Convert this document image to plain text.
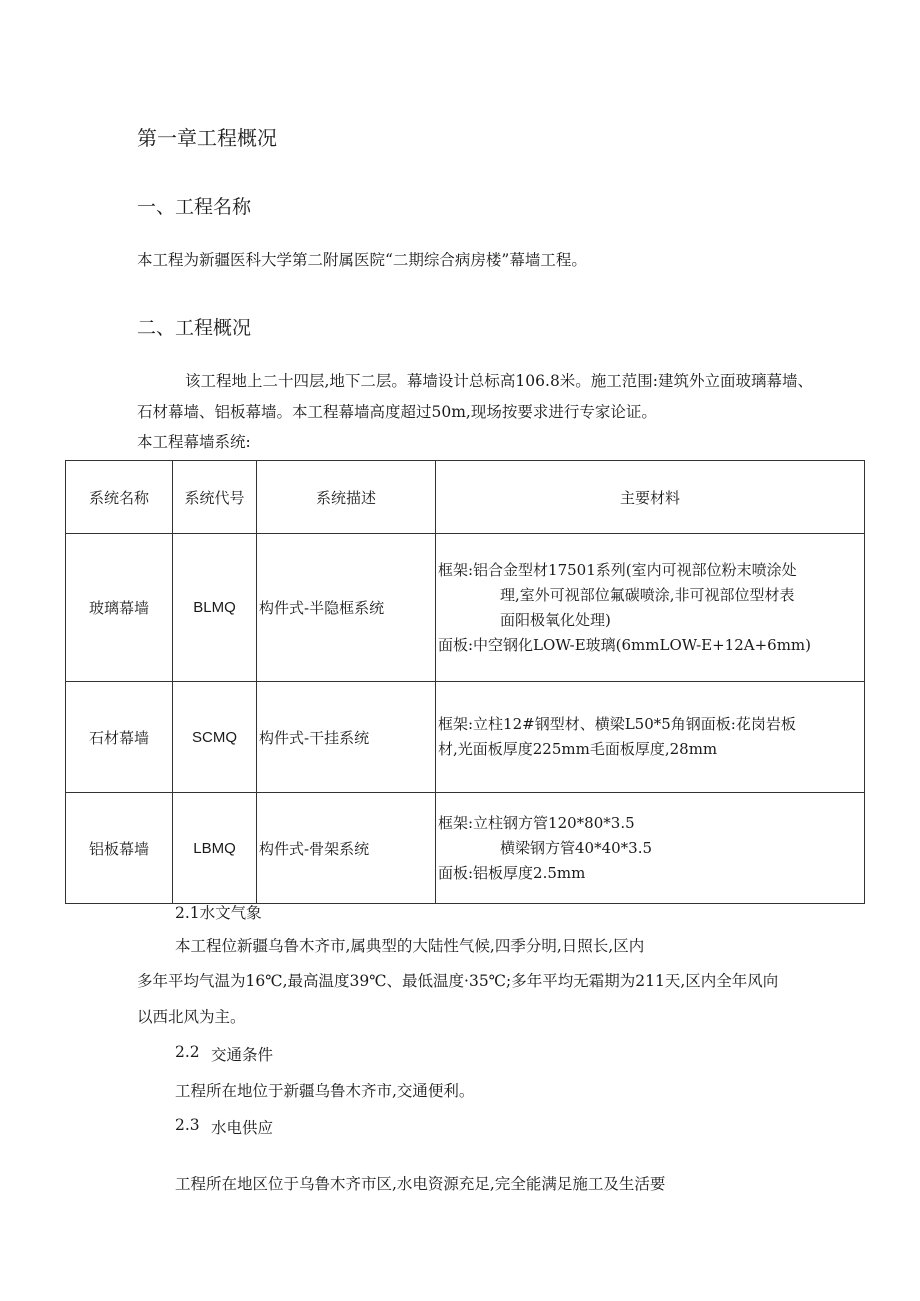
第一章工程概况
一、工程名称
本工程为新疆医科大学第二附属医院“二期综合病房楼”幕墙工程。
二、工程概况
该工程地上二十四层,地下二层。幕墙设计总标高106.8米。施工范围:建筑外立面玻璃幕墙、
石材幕墙、铝板幕墙。本工程幕墙高度超过50m,现场按要求进行专家论证。
本工程幕墙系统:
系统名称	系统代号	系统描述	主要材料
玻璃幕墙	BLMQ	构件式-半隐框系统	框架:铝合金型材17501系列(室内可视部位粉末喷涂处
理,室外可视部位氟碳喷涂,非可视部位型材表
面阳极氧化处理)
面板:中空钢化LOW-E玻璃(6mmLOW-E+12A+6mm)

石材幕墙	SCMQ	构件式-干挂系统	框架:立柱12#钢型材、横梁L50*5角钢面板:花岗岩板
材,光面板厚度225mm毛面板厚度,28mm

铝板幕墙	LBMQ	构件式-骨架系统	框架:立柱钢方管120*80*3.5
横梁钢方管40*40*3.5
面板:铝板厚度2.5mm
2.1水文气象
本工程位新疆乌鲁木齐市,属典型的大陆性气候,四季分明,日照长,区内
多年平均气温为16℃,最高温度39℃、最低温度·35℃;多年平均无霜期为211天,区内全年风向
以西北风为主。
2.2 交通条件
工程所在地位于新疆乌鲁木齐市,交通便利。
2.3 水电供应
工程所在地区位于乌鲁木齐市区,水电资源充足,完全能满足施工及生活要
